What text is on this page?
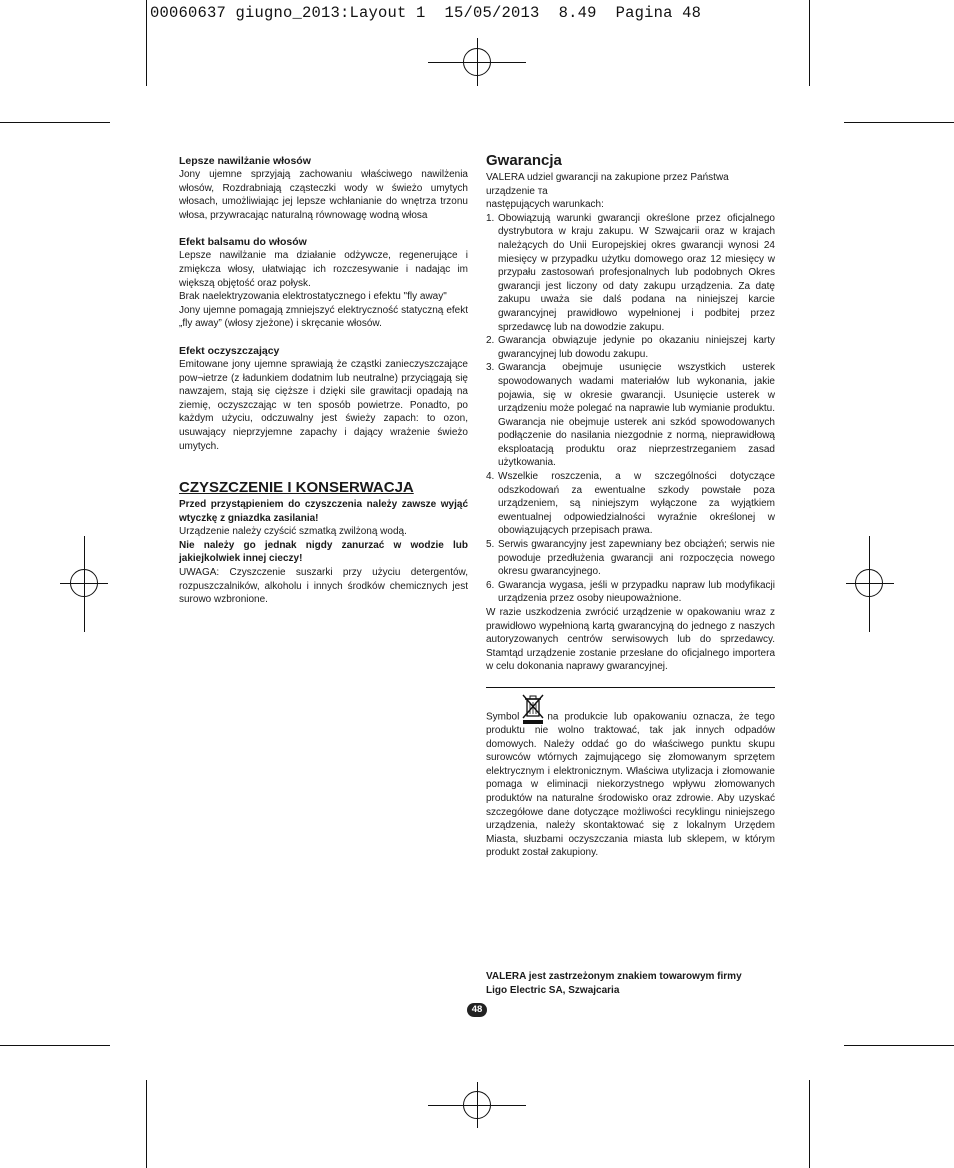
00060637 giugno_2013:Layout 1  15/05/2013  8.49  Pagina 48

Lepsze nawilżanie włosów

Jony ujemne sprzyjają zachowaniu właściwego nawilżenia włosów, Rozdrabniają cząsteczki wody w świeżo umytych włosach, umożliwiając jej lepsze wchłanianie do wnętrza trzonu włosa, przywracając naturalną równowagę wodną włosa

Efekt balsamu do włosów

Lepsze nawilżanie ma działanie odżywcze, regenerujące i zmiękcza włosy, ułatwiając ich rozczesywanie i nadając im większą objętość oraz połysk.

Brak naelektryzowania elektrostatycznego i efektu "fly away"

Jony ujemne pomagają zmniejszyć elektryczność statyczną efekt „fly away” (włosy zjeżone) i skręcanie włosów.

Efekt oczyszczający

Emitowane jony ujemne sprawiają że cząstki zanieczyszczające pow¬ietrze (z ładunkiem dodatnim lub neutralne) przyciągają się nawzajem, stają się cięższe i dzięki sile grawitacji opadają na ziemię, oczyszczając w ten sposób powietrze. Ponadto, po każdym użyciu, odczuwalny jest świeży zapach: to ozon, usuwający nieprzyjemne zapachy i dający wrażenie świeżo umytych.

CZYSZCZENIE I KONSERWACJA

Przed przystąpieniem do czyszczenia należy zawsze wyjąć wtyczkę z gniazdka zasilania!

Urządzenie należy czyścić szmatką zwilżoną wodą.

Nie należy go jednak nigdy zanurzać w wodzie lub jakiejkolwiek innej cieczy!

UWAGA: Czyszczenie suszarki przy użyciu detergentów, rozpuszczalników, alkoholu i innych środków chemicznych jest surowo wzbronione.

Gwarancja

VALERA udziel gwarancji na zakupione przez Państwa urządzenie та

następujących warunkach:

1. Obowiązują warunki gwarancji określone przez oficjalnego dystrybutora w kraju zakupu. W Szwajcarii oraz w krajach należących do Unii Europejskiej okres gwarancji wynosi 24 miesięcy w przypadku użytku domowego oraz 12 miesięcy w przypału zastosowań profesjonalnych lub podobnych Okres gwarancji jest liczony od daty zakupu urządzenia. Za datę zakupu uważa sie dalś podana na niniejszej karcie gwarancyjnej prawidłowo wypełnionej i podbitej przez sprzedawcę lub na dowodzie zakupu.
2. Gwarancja obwiązuje jedynie po okazaniu niniejszej karty gwarancyjnej lub dowodu zakupu.
3. Gwarancja obejmuje usunięcie wszystkich usterek spowodowanych wadami materiałów lub wykonania, jakie pojawia, się w okresie gwarancji. Usunięcie usterek w urządzeniu może polegać na naprawie lub wymianie produktu. Gwarancja nie obejmuje usterek ani szkód spowodowanych podłączenie do nasilania niezgodnie z normą, nieprawidłową eksploatacją produktu oraz nieprzestrzeganiem zasad użytkowania.
4. Wszelkie roszczenia, a w szczególności dotyczące odszkodowań za ewentualne szkody powstałe poza urządzeniem, są niniejszym wyłączone za wyjątkiem ewentualnej odpowiedzialności wyraźnie określonej w obowiązujących przepisach prawa.
5. Serwis gwarancyjny jest zapewniany bez obciążeń; serwis nie powoduje przedłużenia gwarancji ani rozpoczęcia nowego okresu gwarancyjnego.
6. Gwarancja wygasa, jeśli w przypadku napraw lub modyfikacji urządzenia przez osoby nieupoważnione.

W razie uszkodzenia zwrócić urządzenie w opakowaniu wraz z prawidłowo wypełnioną kartą gwarancyjną do jednego z naszych autoryzowanych centrów serwisowych lub do sprzedawcy. Stamtąd urządzenie zostanie przesłane do oficjalnego importera w celu dokonania naprawy gwarancyjnej.

Symbol	na produkcie lub opakowaniu oznacza, że tego produktu nie wolno traktować, tak jak innych odpadów domowych. Należy oddać go do właściwego punktu skupu surowców wtórnych zajmującego się złomowanym sprzętem elektrycznym i elektronicznym. Właściwa utylizacja i złomowanie pomaga w eliminacji niekorzystnego wpływu złomowanych produktów na naturalne środowisko oraz zdrowie. Aby uzyskać szczegółowe dane dotyczące możliwości recyklingu niniejszego urządzenia, należy skontaktować się z lokalnym Urzędem Miasta, słuzbami oczyszczania miasta lub sklepem, w którym produkt został zakupiony.

VALERA jest zastrzeżonym znakiem towarowym firmy
Ligo Electric SA, Szwajcaria
48
